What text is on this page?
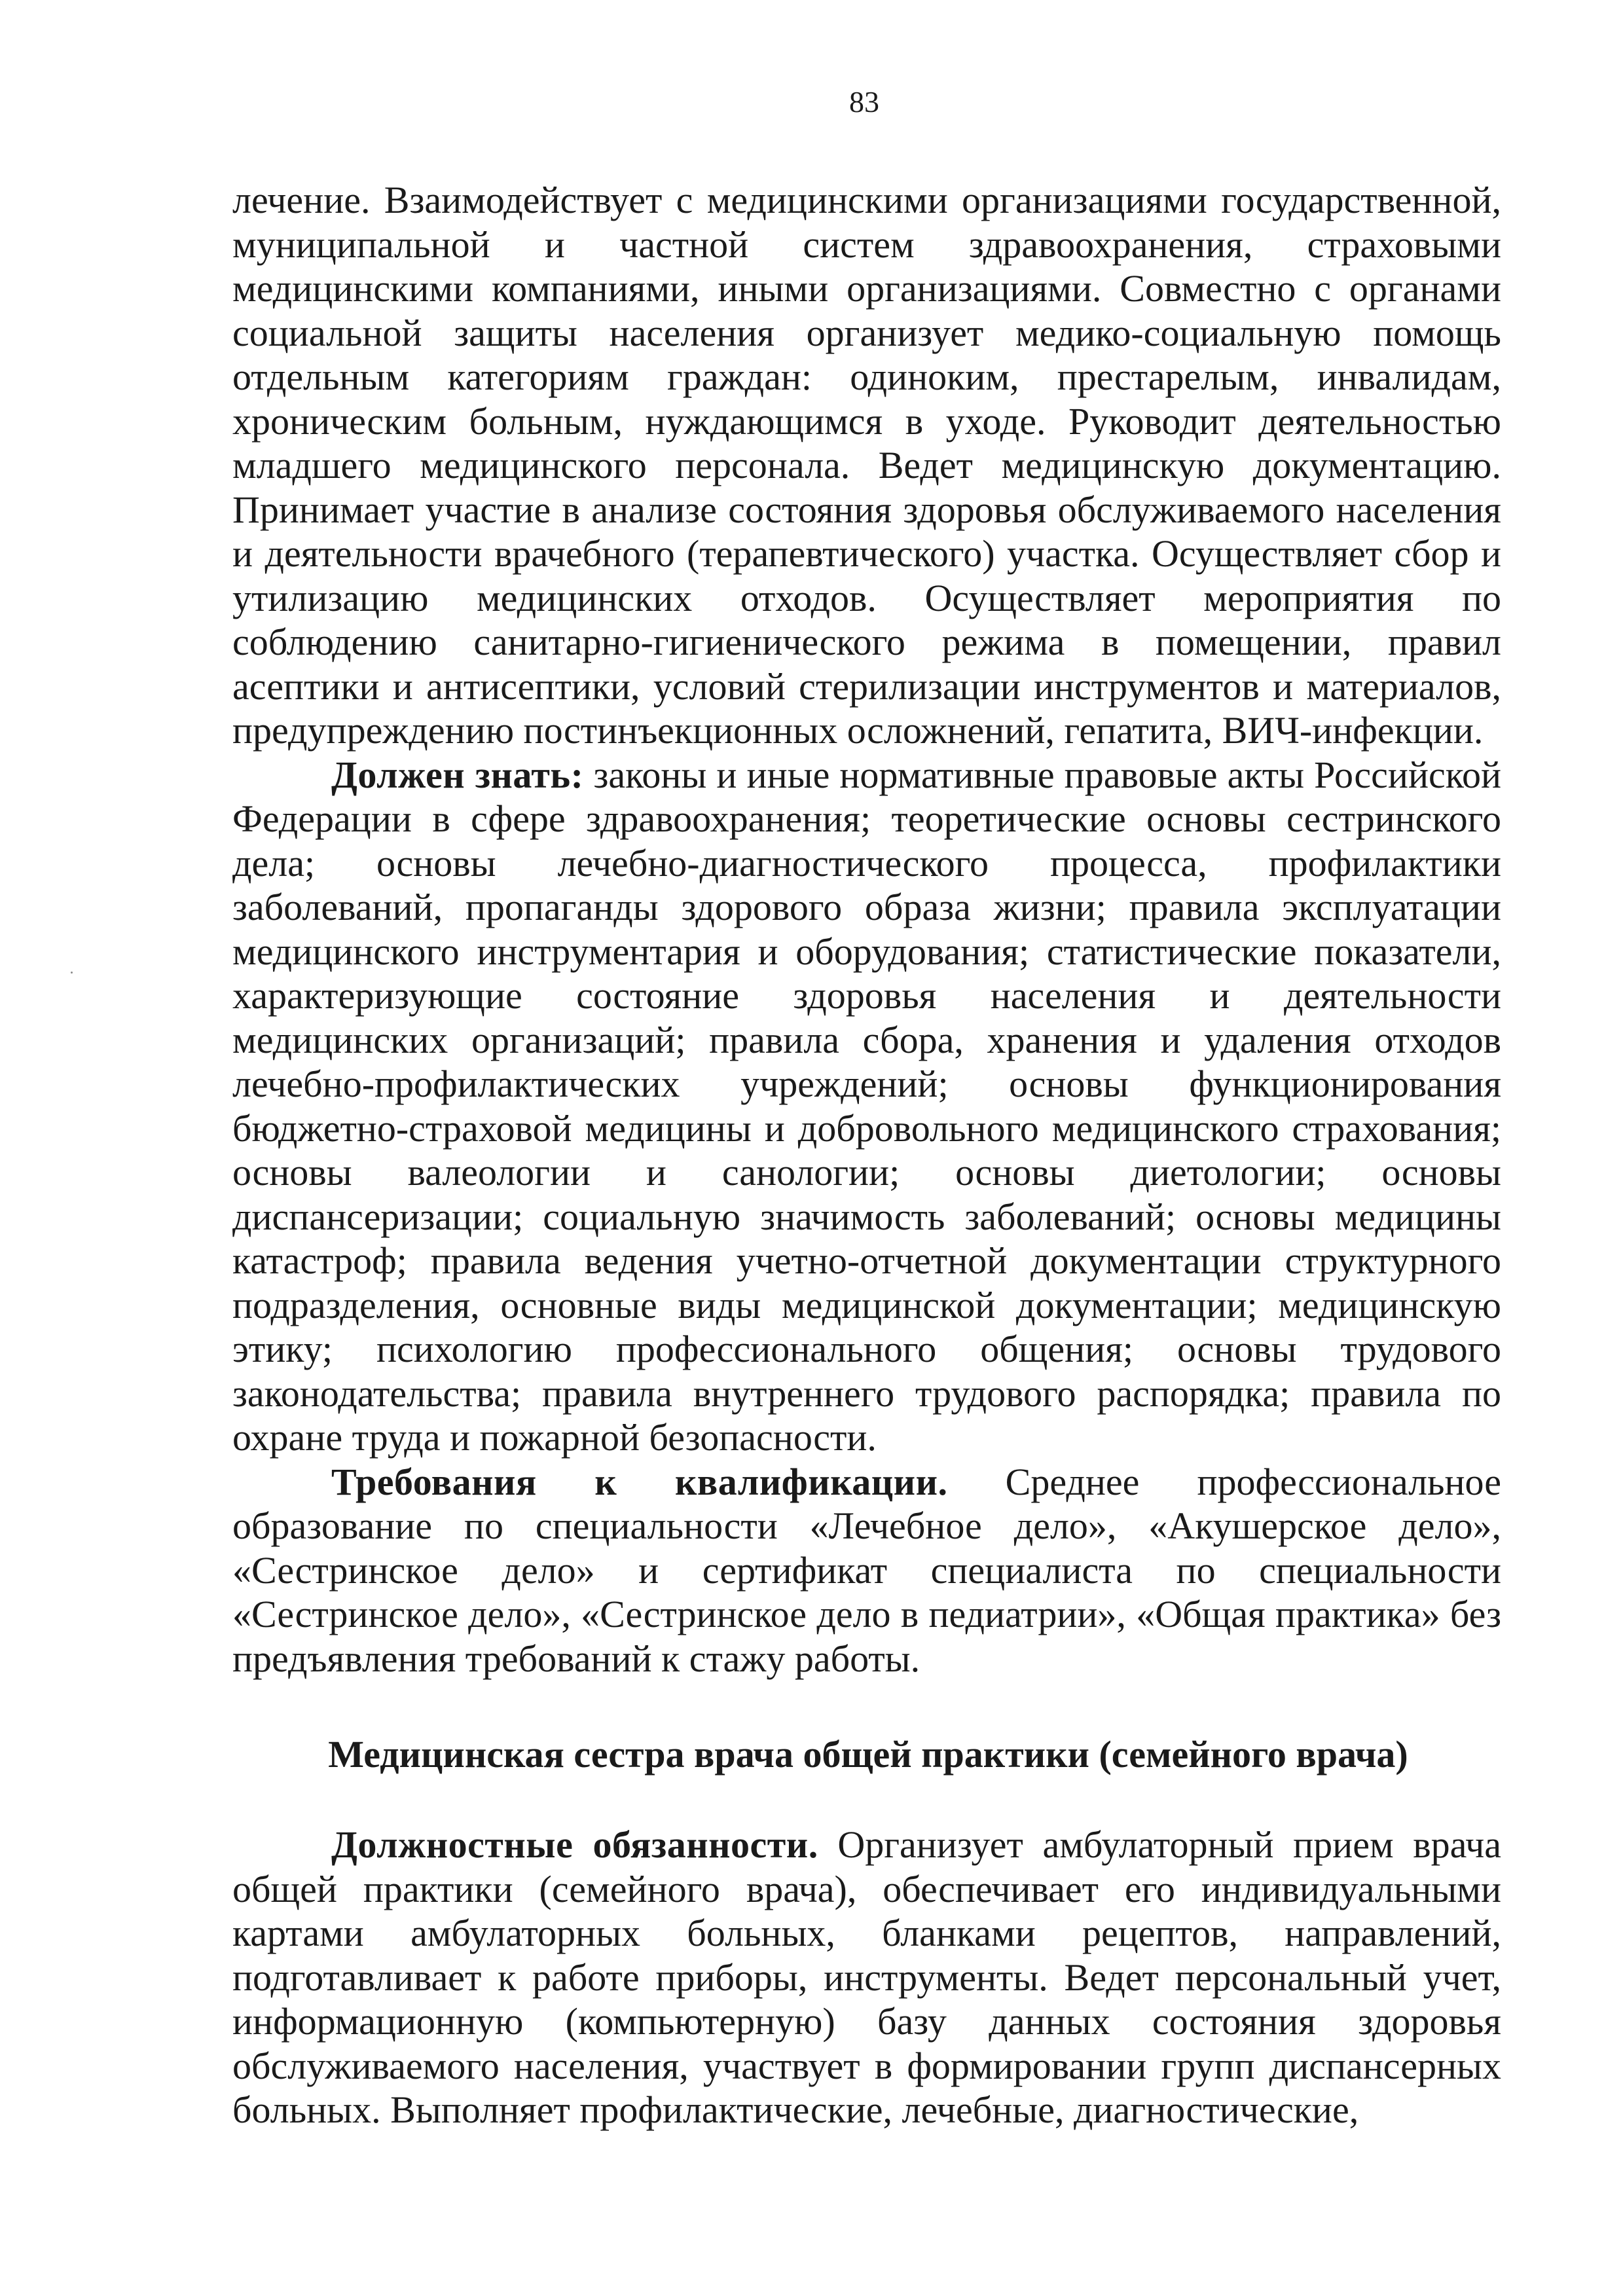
83

лечение. Взаимодействует с медицинскими организациями государственной, муниципальной и частной систем здравоохранения, страховыми медицинскими компаниями, иными организациями. Совместно с органами социальной защиты населения организует медико-социальную помощь отдельным категориям граждан: одиноким, престарелым, инвалидам, хроническим больным, нуждающимся в уходе. Руководит деятельностью младшего медицинского персонала. Ведет медицинскую документацию. Принимает участие в анализе состояния здоровья обслуживаемого населения и деятельности врачебного (терапевтического) участка. Осуществляет сбор и утилизацию медицинских отходов. Осуществляет мероприятия по соблюдению санитарно-гигиенического режима в помещении, правил асептики и антисептики, условий стерилизации инструментов и материалов, предупреждению постинъекционных осложнений, гепатита, ВИЧ-инфекции.

Должен знать: законы и иные нормативные правовые акты Российской Федерации в сфере здравоохранения; теоретические основы сестринского дела; основы лечебно-диагностического процесса, профилактики заболеваний, пропаганды здорового образа жизни; правила эксплуатации медицинского инструментария и оборудования; статистические показатели, характеризующие состояние здоровья населения и деятельности медицинских организаций; правила сбора, хранения и удаления отходов лечебно-профилактических учреждений; основы функционирования бюджетно-страховой медицины и добровольного медицинского страхования; основы валеологии и санологии; основы диетологии; основы диспансеризации; социальную значимость заболеваний; основы медицины катастроф; правила ведения учетно-отчетной документации структурного подразделения, основные виды медицинской документации; медицинскую этику; психологию профессионального общения; основы трудового законодательства; правила внутреннего трудового распорядка; правила по охране труда и пожарной безопасности.

Требования к квалификации. Среднее профессиональное образование по специальности «Лечебное дело», «Акушерское дело», «Сестринское дело» и сертификат специалиста по специальности «Сестринское дело», «Сестринское дело в педиатрии», «Общая практика» без предъявления требований к стажу работы.

Медицинская сестра врача общей практики (семейного врача)

Должностные обязанности. Организует амбулаторный прием врача общей практики (семейного врача), обеспечивает его индивидуальными картами амбулаторных больных, бланками рецептов, направлений, подготавливает к работе приборы, инструменты. Ведет персональный учет, информационную (компьютерную) базу данных состояния здоровья обслуживаемого населения, участвует в формировании групп диспансерных больных. Выполняет профилактические, лечебные, диагностические,
